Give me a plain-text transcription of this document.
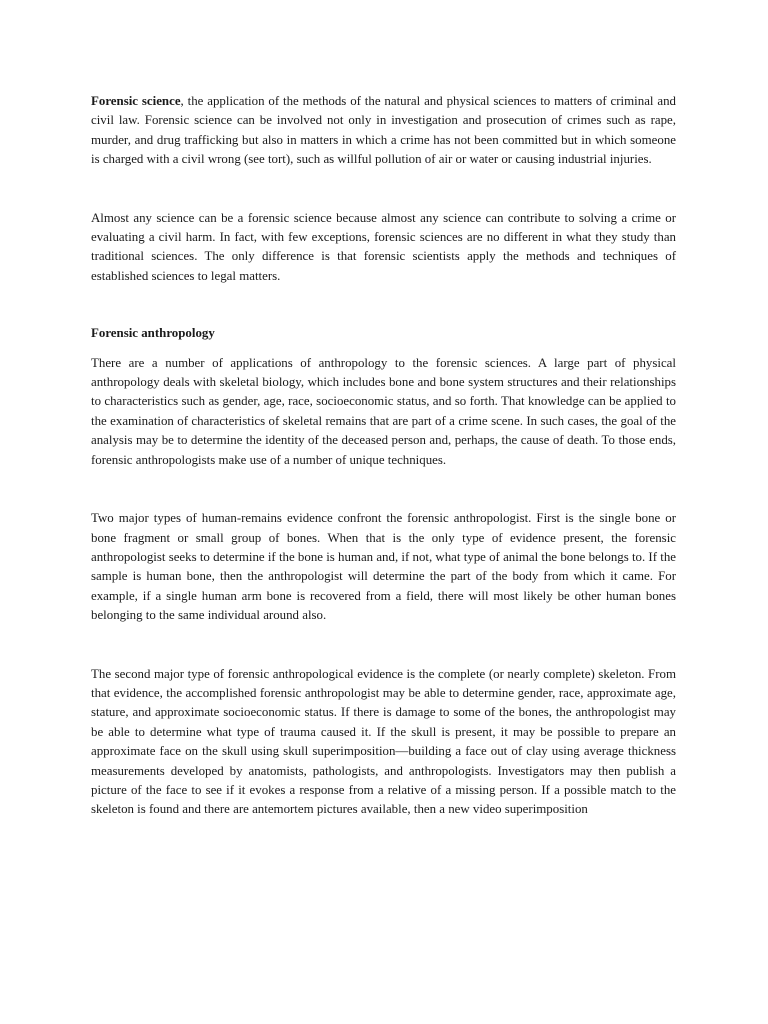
Forensic science, the application of the methods of the natural and physical sciences to matters of criminal and civil law. Forensic science can be involved not only in investigation and prosecution of crimes such as rape, murder, and drug trafficking but also in matters in which a crime has not been committed but in which someone is charged with a civil wrong (see tort), such as willful pollution of air or water or causing industrial injuries.

Almost any science can be a forensic science because almost any science can contribute to solving a crime or evaluating a civil harm. In fact, with few exceptions, forensic sciences are no different in what they study than traditional sciences. The only difference is that forensic scientists apply the methods and techniques of established sciences to legal matters.

Forensic anthropology

There are a number of applications of anthropology to the forensic sciences. A large part of physical anthropology deals with skeletal biology, which includes bone and bone system structures and their relationships to characteristics such as gender, age, race, socioeconomic status, and so forth. That knowledge can be applied to the examination of characteristics of skeletal remains that are part of a crime scene. In such cases, the goal of the analysis may be to determine the identity of the deceased person and, perhaps, the cause of death. To those ends, forensic anthropologists make use of a number of unique techniques.

Two major types of human-remains evidence confront the forensic anthropologist. First is the single bone or bone fragment or small group of bones. When that is the only type of evidence present, the forensic anthropologist seeks to determine if the bone is human and, if not, what type of animal the bone belongs to. If the sample is human bone, then the anthropologist will determine the part of the body from which it came. For example, if a single human arm bone is recovered from a field, there will most likely be other human bones belonging to the same individual around also.

The second major type of forensic anthropological evidence is the complete (or nearly complete) skeleton. From that evidence, the accomplished forensic anthropologist may be able to determine gender, race, approximate age, stature, and approximate socioeconomic status. If there is damage to some of the bones, the anthropologist may be able to determine what type of trauma caused it. If the skull is present, it may be possible to prepare an approximate face on the skull using skull superimposition—building a face out of clay using average thickness measurements developed by anatomists, pathologists, and anthropologists. Investigators may then publish a picture of the face to see if it evokes a response from a relative of a missing person. If a possible match to the skeleton is found and there are antemortem pictures available, then a new video superimposition
